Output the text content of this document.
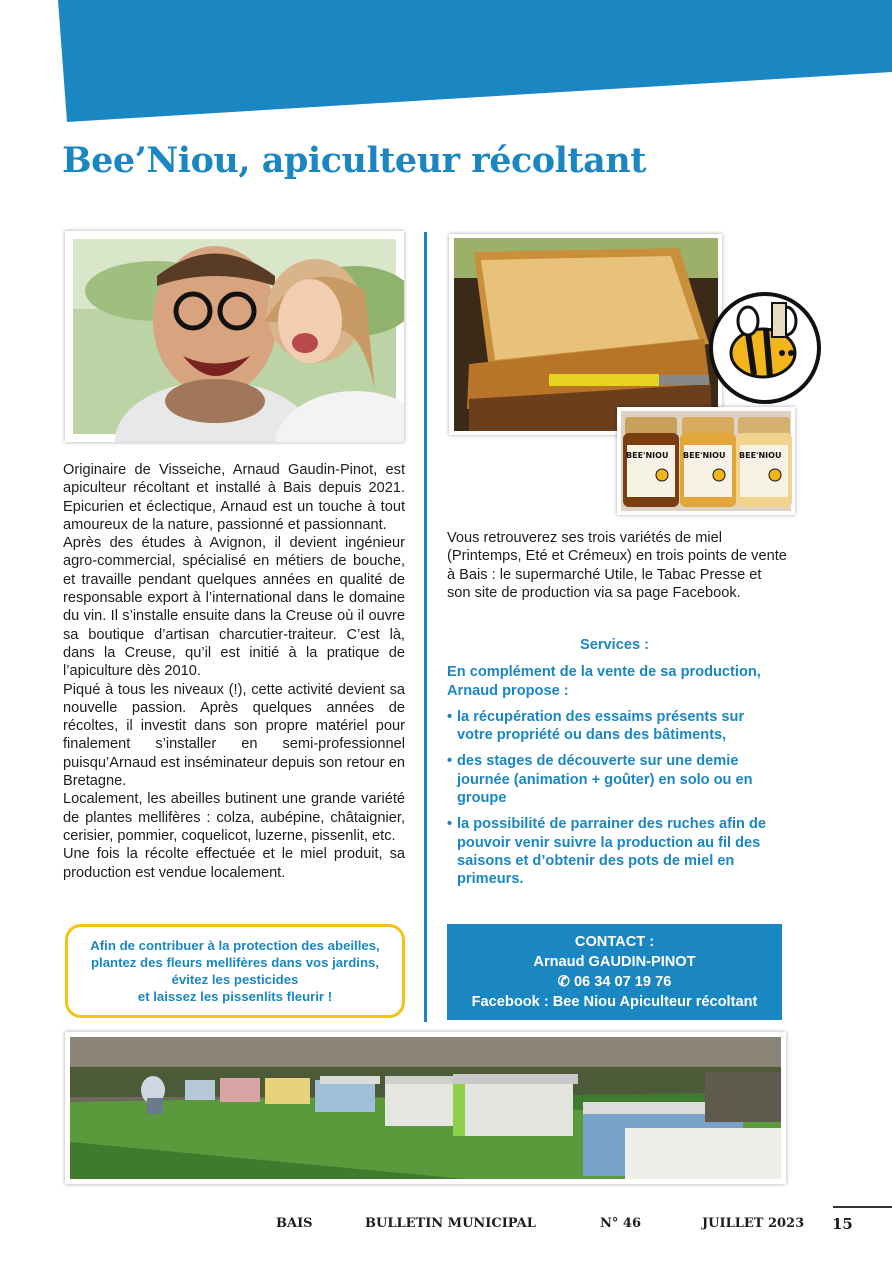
Bee’Niou, apiculteur récoltant
BEE'NIOU BEE'NIOU BEE'NIOU

Originaire de Visseiche, Arnaud Gaudin-Pinot, est apiculteur récoltant et installé à Bais depuis 2021. Epicurien et éclectique, Arnaud est un touche à tout amoureux de la nature, passionné et passionnant.

Après des études à Avignon, il devient ingénieur agro-commercial, spécialisé en métiers de bouche, et travaille pendant quelques années en qualité de responsable export à l’international dans le domaine du vin. Il s’installe ensuite dans la Creuse où il ouvre sa boutique d’artisan charcutier-traiteur. C’est là, dans la Creuse, qu’il est initié à la pratique de l’apiculture dès 2010.

Piqué à tous les niveaux (!), cette activité devient sa nouvelle passion. Après quelques années de récoltes, il investit dans son propre matériel pour finalement s’installer en semi-professionnel puisqu’Arnaud est inséminateur depuis son retour en Bretagne.

Localement, les abeilles butinent une grande variété de plantes mellifères : colza, aubépine, châtaignier, cerisier, pommier, coquelicot, luzerne, pissenlit, etc.

Une fois la récolte effectuée et le miel produit, sa production est vendue localement.

Afin de contribuer à la protection des abeilles,
plantez des fleurs mellifères dans vos jardins,
évitez les pesticides
et laissez les pissenlits fleurir !

Vous retrouverez ses trois variétés de miel (Printemps, Eté et Crémeux) en trois points de vente à Bais : le supermarché Utile, le Tabac Presse et son site de production via sa page Facebook.

Services :

En complément de la vente de sa production, Arnaud propose :

• la récupération des essaims présents sur votre propriété ou dans des bâtiments,
• des stages de découverte sur une demie journée (animation + goûter) en solo ou en groupe
• la possibilité de parrainer des ruches afin de pouvoir venir suivre la production au fil des saisons et d’obtenir des pots de miel en primeurs.
CONTACT :
Arnaud GAUDIN-PINOT
✆ 06 34 07 19 76
Facebook : Bee Niou Apiculteur récoltant
BAIS	BULLETIN MUNICIPAL	N° 46	JUILLET 2023 15
